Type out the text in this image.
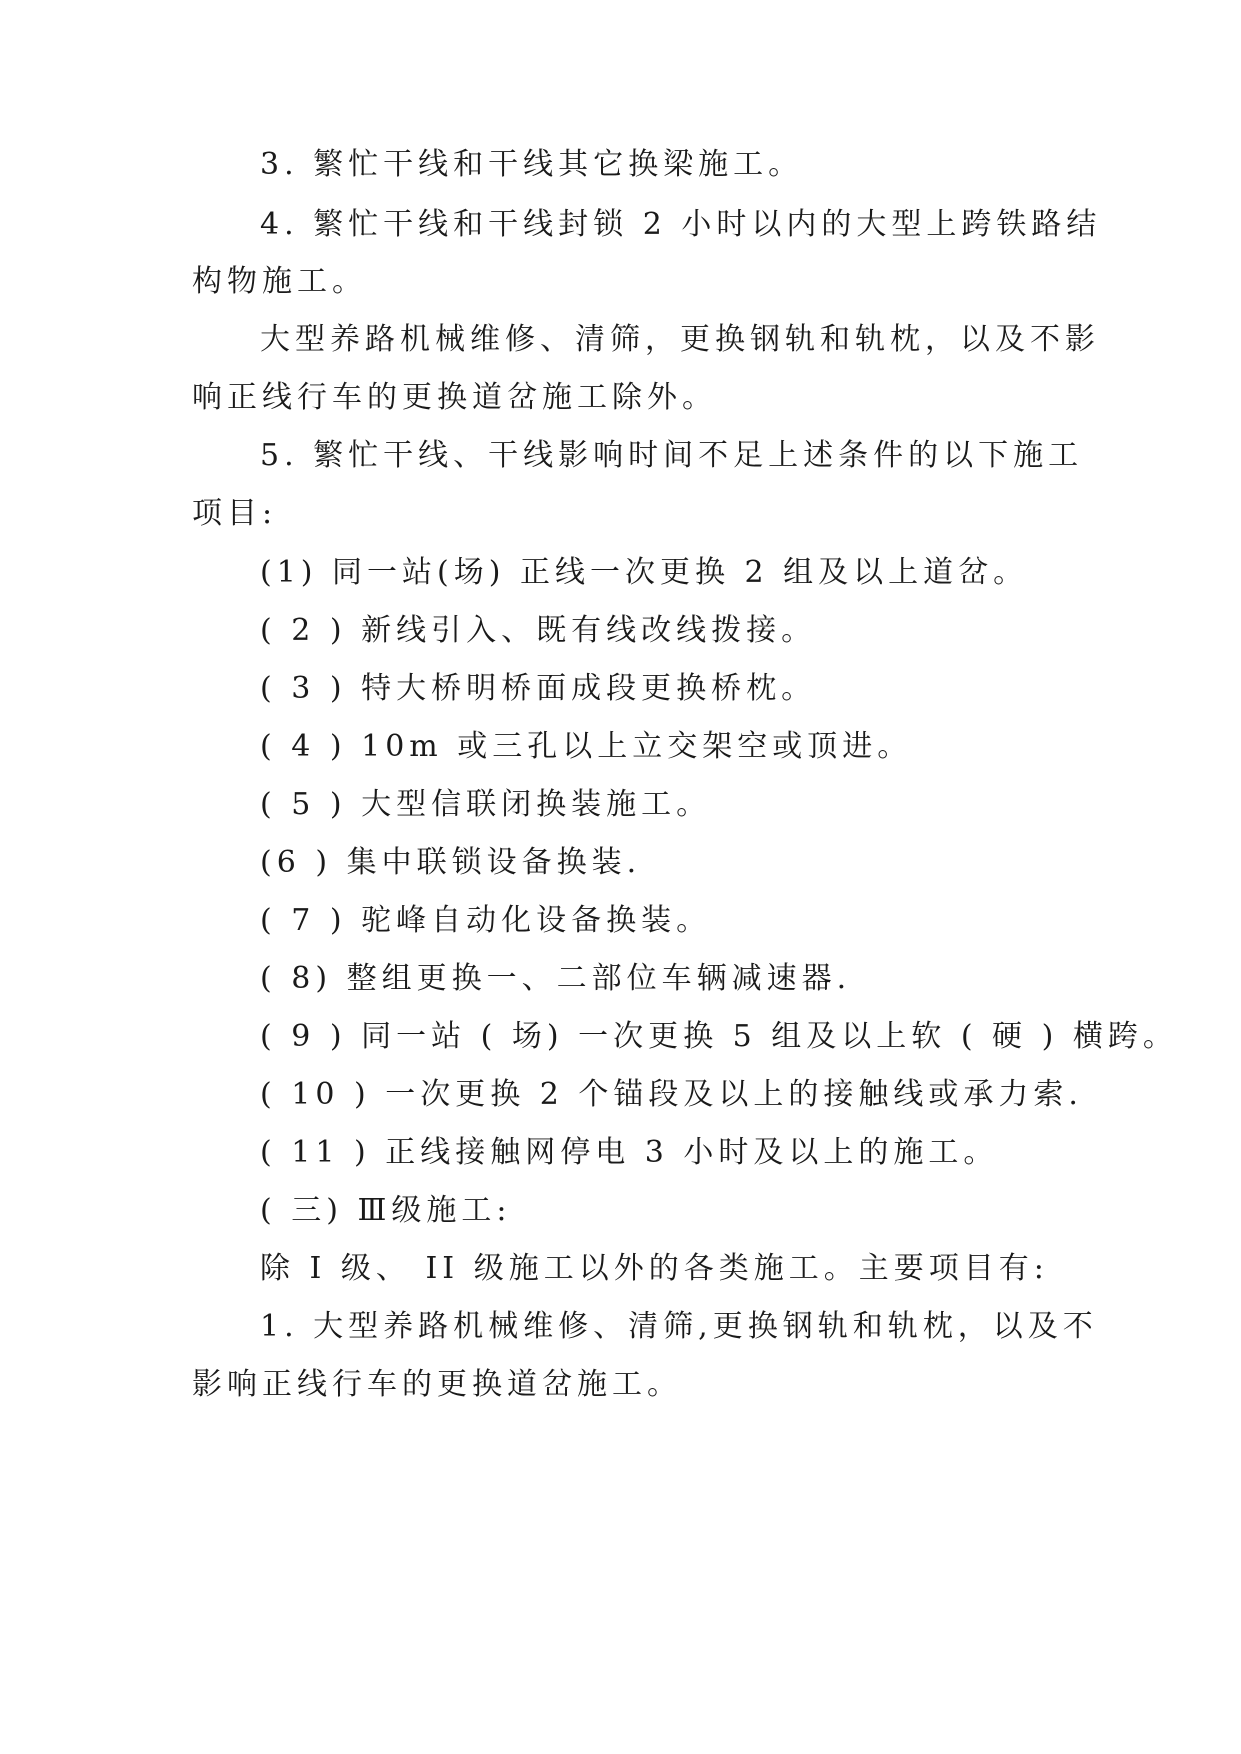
3. 繁忙干线和干线其它换梁施工。
4. 繁忙干线和干线封锁 2 小时以内的大型上跨铁路结
构物施工。
大型养路机械维修、清筛，更换钢轨和轨枕，以及不影
响正线行车的更换道岔施工除外。
5. 繁忙干线、干线影响时间不足上述条件的以下施工
项目:
(1) 同一站(场) 正线一次更换 2 组及以上道岔。
( 2 ) 新线引入、既有线改线拨接。
( 3 ) 特大桥明桥面成段更换桥枕。
( 4 ) 10m 或三孔以上立交架空或顶进。
( 5 ) 大型信联闭换装施工。
(6 ) 集中联锁设备换装.
( 7 ) 驼峰自动化设备换装。
( 8) 整组更换一、二部位车辆减速器.
( 9 ) 同一站 ( 场) 一次更换 5 组及以上软 ( 硬 ) 横跨。
( 10 ) 一次更换 2 个锚段及以上的接触线或承力索.
( 11 ) 正线接触网停电 3 小时及以上的施工。
( 三) Ⅲ级施工:
除 I 级、 II 级施工以外的各类施工。主要项目有:
1. 大型养路机械维修、清筛,更换钢轨和轨枕，以及不
影响正线行车的更换道岔施工。
